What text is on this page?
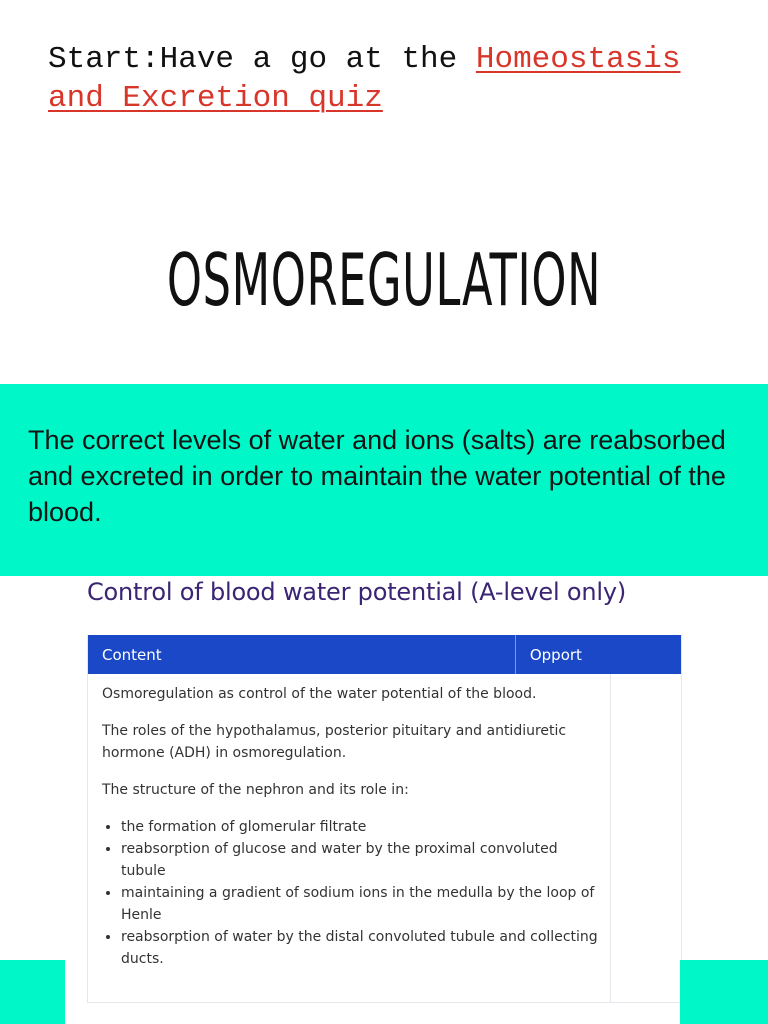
Start:Have a go at the Homeostasis and Excretion quiz
OSMOREGULATION
The correct levels of water and ions (salts) are reabsorbed and excreted in order to maintain the water potential of the blood.
Control of blood water potential (A-level only)
Content	Opport

Osmoregulation as control of the water potential of the blood.

The roles of the hypothalamus, posterior pituitary and antidiuretic hormone (ADH) in osmoregulation.

The structure of the nephron and its role in:

• the formation of glomerular filtrate
• reabsorption of glucose and water by the proximal convoluted tubule
• maintaining a gradient of sodium ions in the medulla by the loop of Henle
• reabsorption of water by the distal convoluted tubule and collecting ducts.
